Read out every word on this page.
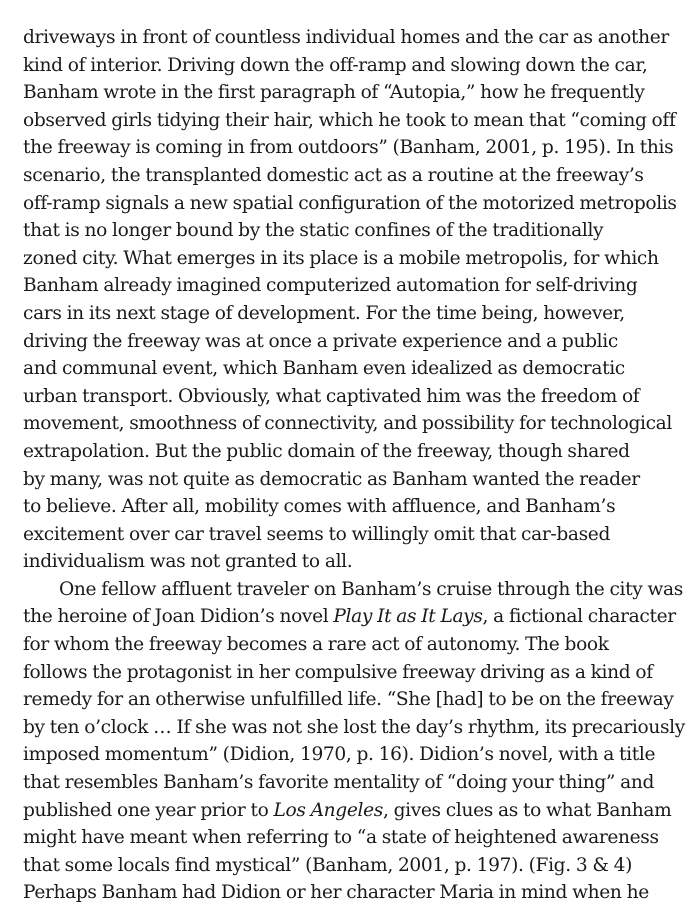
driveways in front of countless individual homes and the car as another
kind of interior. Driving down the off-ramp and slowing down the car,
Banham wrote in the first paragraph of “Autopia,” how he frequently
observed girls tidying their hair, which he took to mean that “coming off
the freeway is coming in from outdoors” (Banham, 2001, p. 195). In this
scenario, the transplanted domestic act as a routine at the freeway’s
off-ramp signals a new spatial configuration of the motorized metropolis
that is no longer bound by the static confines of the traditionally
zoned city. What emerges in its place is a mobile metropolis, for which
Banham already imagined computerized automation for self-driving
cars in its next stage of development. For the time being, however,
driving the freeway was at once a private experience and a public
and communal event, which Banham even idealized as democratic
urban transport. Obviously, what captivated him was the freedom of
movement, smoothness of connectivity, and possibility for technological
extrapolation. But the public domain of the freeway, though shared
by many, was not quite as democratic as Banham wanted the reader
to believe. After all, mobility comes with affluence, and Banham’s
excitement over car travel seems to willingly omit that car-based
individualism was not granted to all.
One fellow affluent traveler on Banham’s cruise through the city was
the heroine of Joan Didion’s novel Play It as It Lays, a fictional character
for whom the freeway becomes a rare act of autonomy. The book
follows the protagonist in her compulsive freeway driving as a kind of
remedy for an otherwise unfulfilled life. “She [had] to be on the freeway
by ten o’clock … If she was not she lost the day’s rhythm, its precariously
imposed momentum” (Didion, 1970, p. 16). Didion’s novel, with a title
that resembles Banham’s favorite mentality of “doing your thing” and
published one year prior to Los Angeles, gives clues as to what Banham
might have meant when referring to “a state of heightened awareness
that some locals find mystical” (Banham, 2001, p. 197). (Fig. 3 & 4)
Perhaps Banham had Didion or her character Maria in mind when he
